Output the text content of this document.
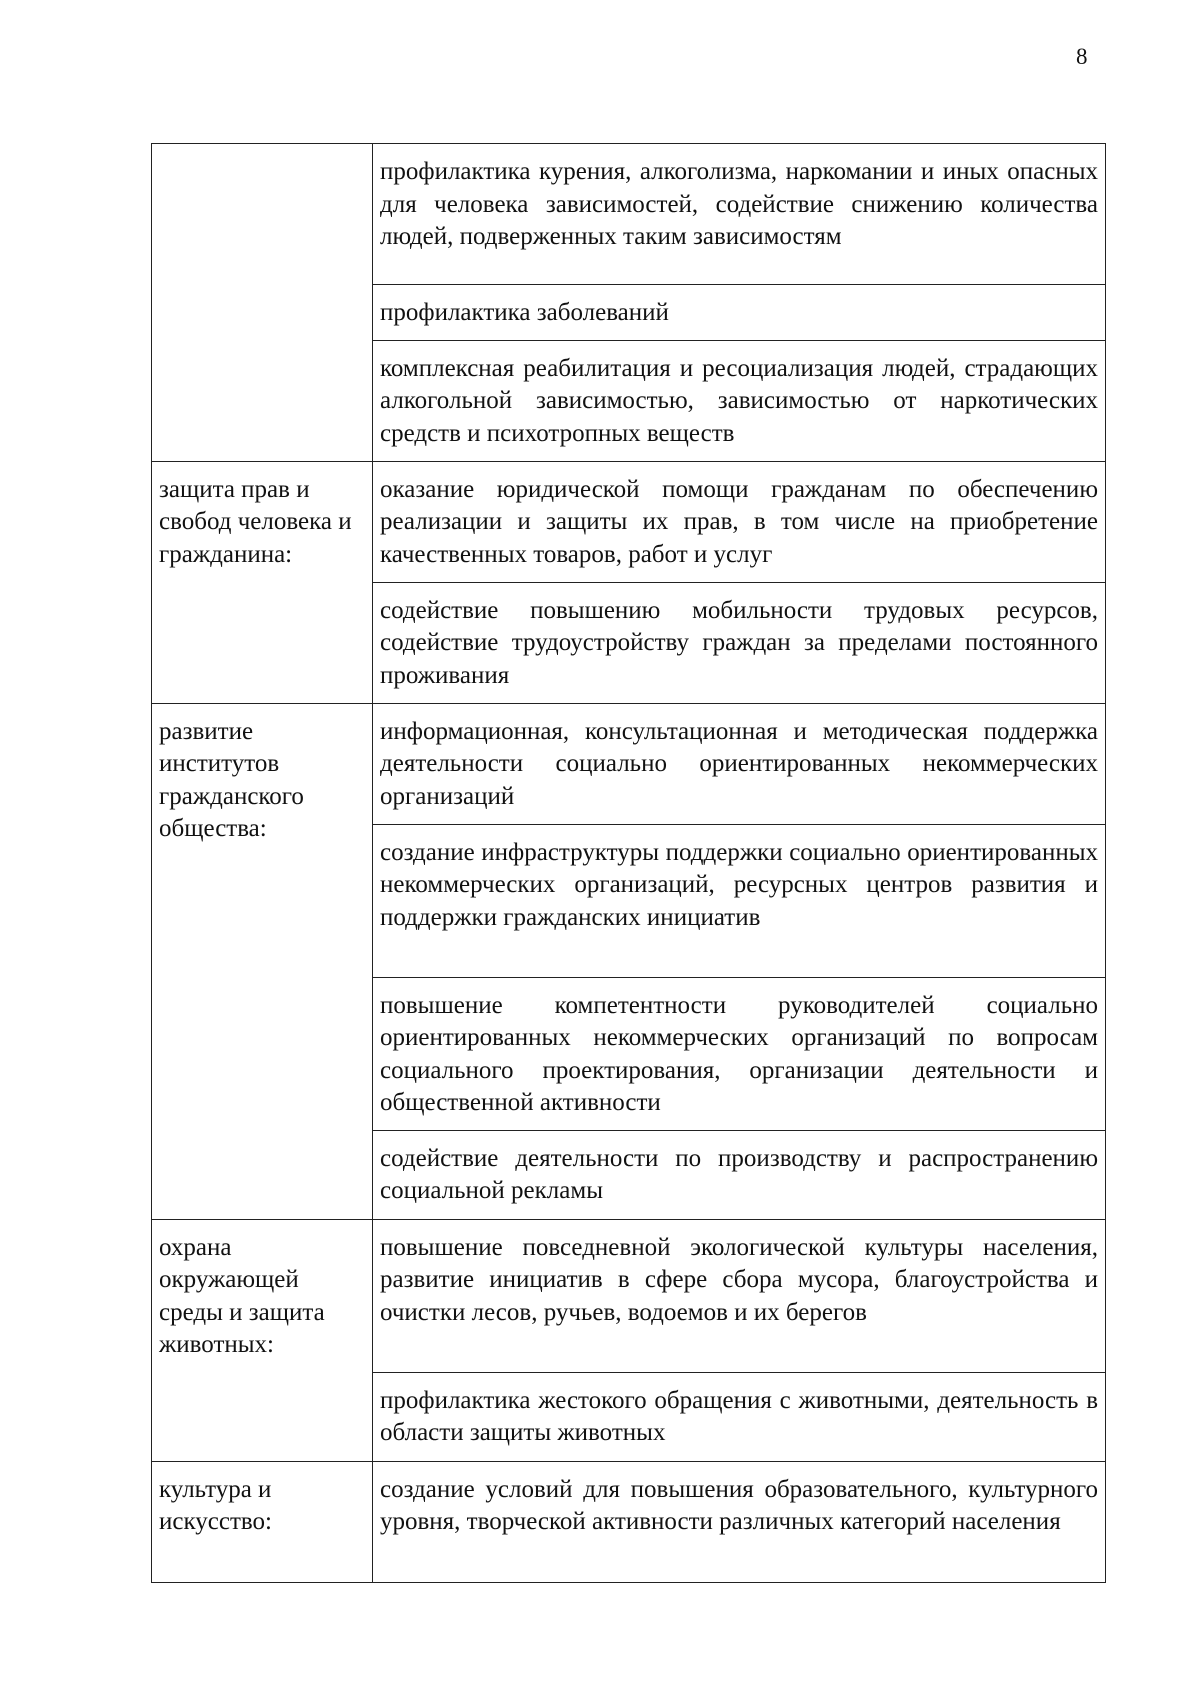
8
	профилактика курения, алкоголизма, наркомании и иных опасных для человека зависимостей, содействие снижению количества людей, подверженных таким зависимостям
	профилактика заболеваний
	комплексная реабилитация и ресоциализация людей, страдающих алкогольной зависимостью, зависимостью от наркотических средств и психотропных веществ

защита прав и свобод человека и гражданина:	оказание юридической помощи гражданам по обеспечению реализации и защиты их прав, в том числе на приобретение качественных товаров, работ и услуг
	содействие повышению мобильности трудовых ресурсов, содействие трудоустройству граждан за пределами постоянного проживания

развитие институтов гражданского общества:	информационная, консультационная и методическая поддержка деятельности социально ориентированных некоммерческих организаций
	создание инфраструктуры поддержки социально ориентированных некоммерческих организаций, ресурсных центров развития и поддержки гражданских инициатив
	повышение компетентности руководителей социально ориентированных некоммерческих организаций по вопросам социального проектирования, организации деятельности и общественной активности
	содействие деятельности по производству и распространению социальной рекламы

охрана окружающей среды и защита животных:	повышение повседневной экологической культуры населения, развитие инициатив в сфере сбора мусора, благоустройства и очистки лесов, ручьев, водоемов и их берегов
	профилактика жестокого обращения с животными, деятельность в области защиты животных

культура и искусство:	создание условий для повышения образовательного, культурного уровня, творческой активности различных категорий населения
